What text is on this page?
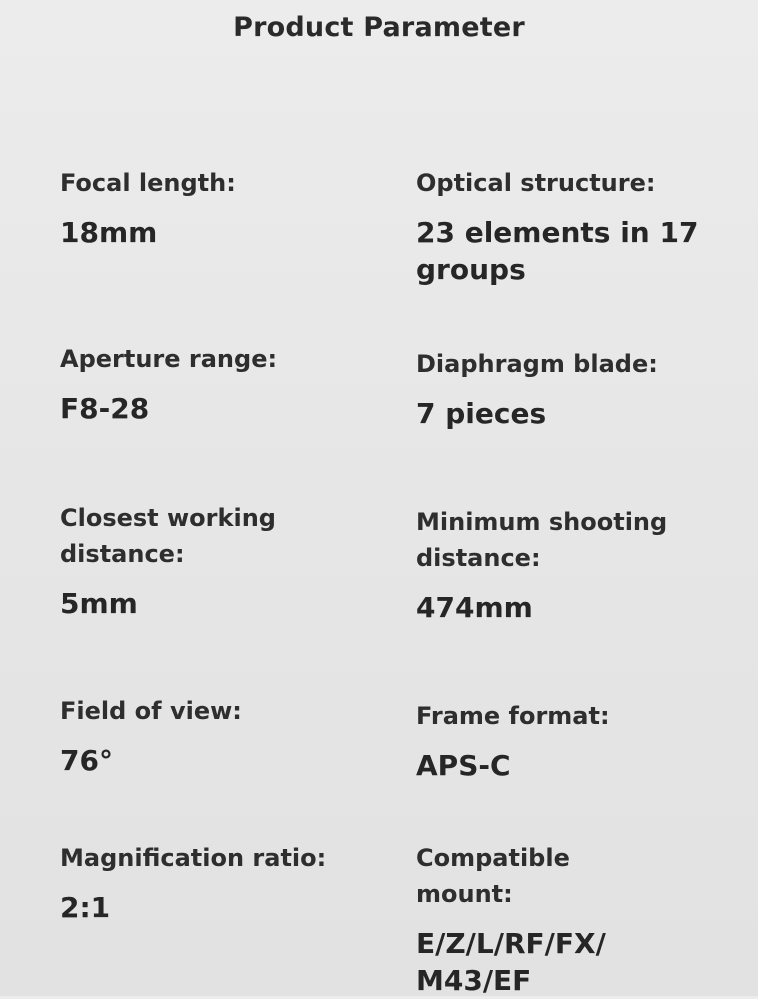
Product Parameter
Focal length:
18mm
Optical structure:
23 elements in 17 groups
Aperture range:
F8-28
Diaphragm blade:
7 pieces
Closest working distance:
5mm
Minimum shooting distance:
474mm
Field of view:
76°
Frame format:
APS-C
Magnification ratio:
2:1
Compatible mount:
E/Z/L/RF/FX/ M43/EF
